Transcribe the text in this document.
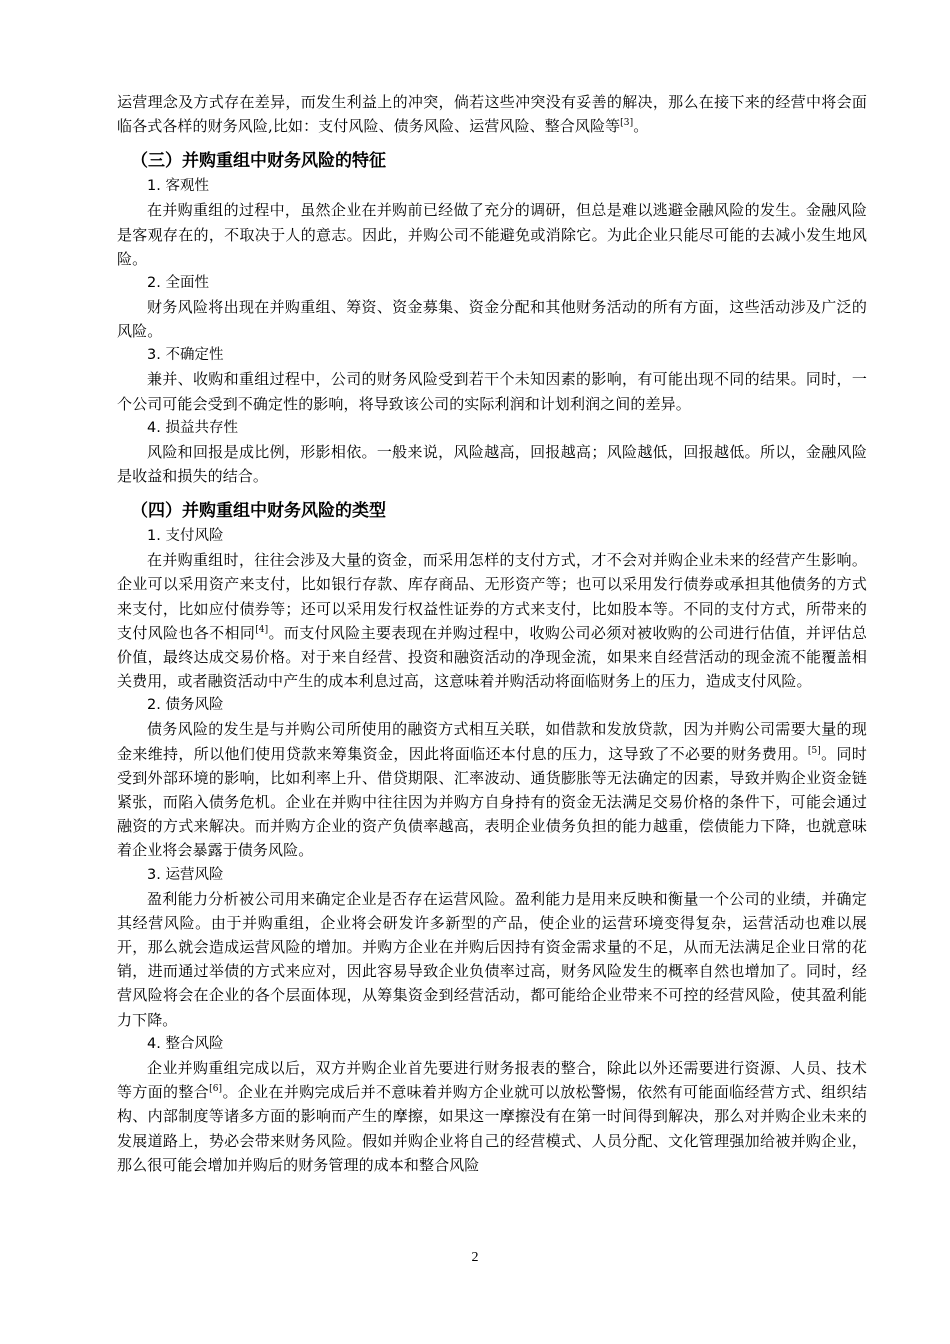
运营理念及方式存在差异，而发生利益上的冲突，倘若这些冲突没有妥善的解决，那么在接下来的经营中将会面临各式各样的财务风险,比如：支付风险、债务风险、运营风险、整合风险等[3]。

（三）并购重组中财务风险的特征
1. 客观性

在并购重组的过程中，虽然企业在并购前已经做了充分的调研，但总是难以逃避金融风险的发生。金融风险是客观存在的，不取决于人的意志。因此，并购公司不能避免或消除它。为此企业只能尽可能的去减小发生地风险。

2. 全面性

财务风险将出现在并购重组、筹资、资金募集、资金分配和其他财务活动的所有方面，这些活动涉及广泛的风险。

3. 不确定性

兼并、收购和重组过程中，公司的财务风险受到若干个未知因素的影响，有可能出现不同的结果。同时，一个公司可能会受到不确定性的影响，将导致该公司的实际利润和计划利润之间的差异。

4. 损益共存性

风险和回报是成比例，形影相依。一般来说，风险越高，回报越高；风险越低，回报越低。所以，金融风险是收益和损失的结合。

（四）并购重组中财务风险的类型
1. 支付风险

在并购重组时，往往会涉及大量的资金，而采用怎样的支付方式，才不会对并购企业未来的经营产生影响。企业可以采用资产来支付，比如银行存款、库存商品、无形资产等；也可以采用发行债券或承担其他债务的方式来支付，比如应付债券等；还可以采用发行权益性证券的方式来支付，比如股本等。不同的支付方式，所带来的支付风险也各不相同[4]。而支付风险主要表现在并购过程中，收购公司必须对被收购的公司进行估值，并评估总价值，最终达成交易价格。对于来自经营、投资和融资活动的净现金流，如果来自经营活动的现金流不能覆盖相关费用，或者融资活动中产生的成本利息过高，这意味着并购活动将面临财务上的压力，造成支付风险。

2. 债务风险

债务风险的发生是与并购公司所使用的融资方式相互关联，如借款和发放贷款，因为并购公司需要大量的现金来维持，所以他们使用贷款来筹集资金，因此将面临还本付息的压力，这导致了不必要的财务费用。[5]。同时受到外部环境的影响，比如利率上升、借贷期限、汇率波动、通货膨胀等无法确定的因素，导致并购企业资金链紧张，而陷入债务危机。企业在并购中往往因为并购方自身持有的资金无法满足交易价格的条件下，可能会通过融资的方式来解决。而并购方企业的资产负债率越高，表明企业债务负担的能力越重，偿债能力下降，也就意味着企业将会暴露于债务风险。

3. 运营风险

盈利能力分析被公司用来确定企业是否存在运营风险。盈利能力是用来反映和衡量一个公司的业绩，并确定其经营风险。由于并购重组，企业将会研发许多新型的产品，使企业的运营环境变得复杂，运营活动也难以展开，那么就会造成运营风险的增加。并购方企业在并购后因持有资金需求量的不足，从而无法满足企业日常的花销，进而通过举债的方式来应对，因此容易导致企业负债率过高，财务风险发生的概率自然也增加了。同时，经营风险将会在企业的各个层面体现，从筹集资金到经营活动，都可能给企业带来不可控的经营风险，使其盈利能力下降。

4. 整合风险

企业并购重组完成以后，双方并购企业首先要进行财务报表的整合，除此以外还需要进行资源、人员、技术等方面的整合[6]。企业在并购完成后并不意味着并购方企业就可以放松警惕，依然有可能面临经营方式、组织结构、内部制度等诸多方面的影响而产生的摩擦，如果这一摩擦没有在第一时间得到解决，那么对并购企业未来的发展道路上，势必会带来财务风险。假如并购企业将自己的经营模式、人员分配、文化管理强加给被并购企业，那么很可能会增加并购后的财务管理的成本和整合风险

2
